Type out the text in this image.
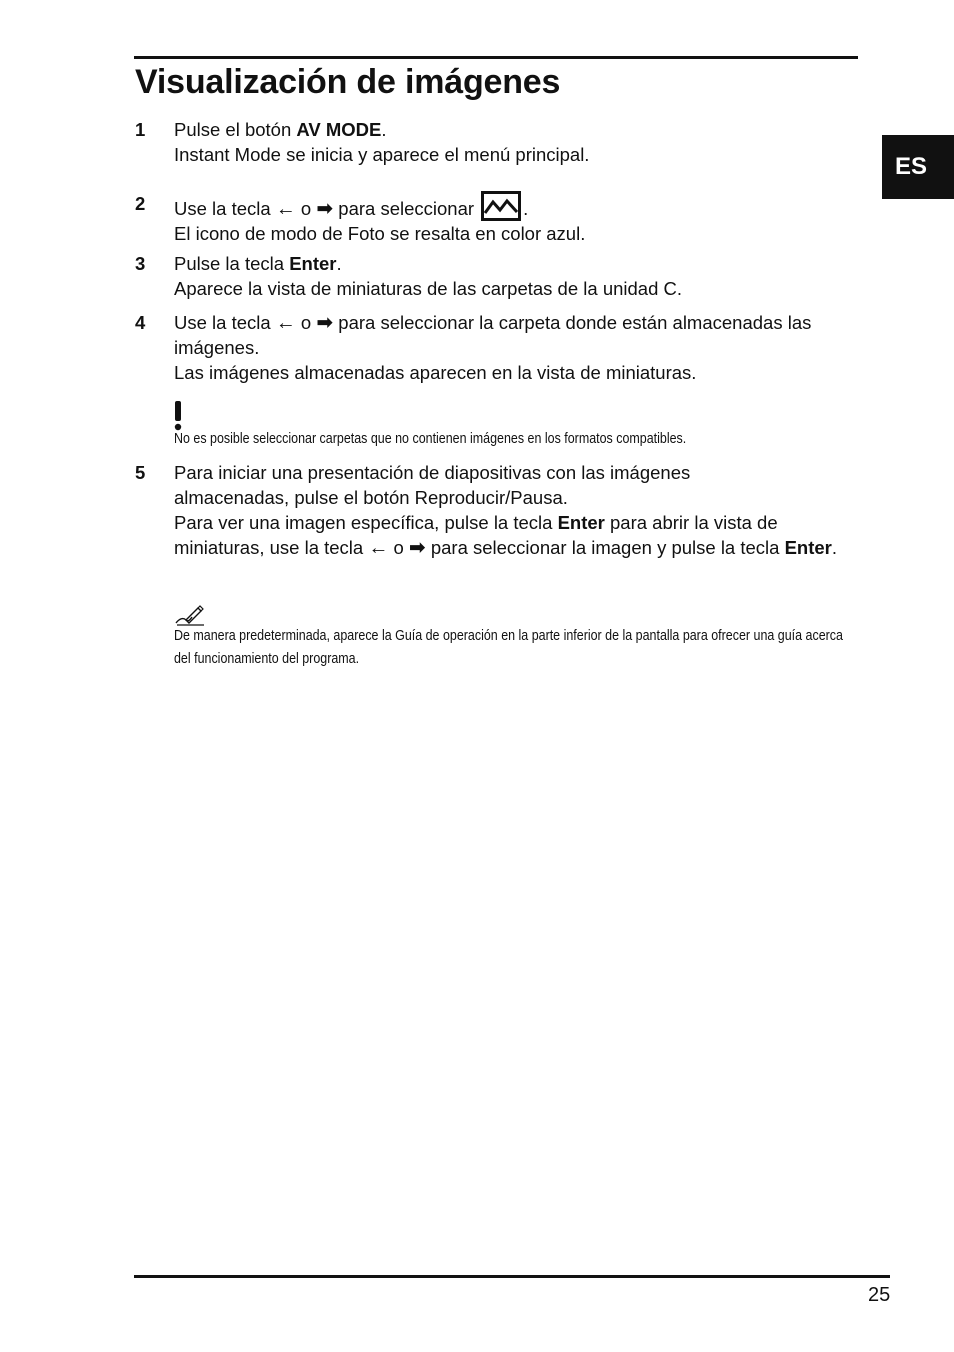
Visualización de imágenes
ES
1 Pulse el botón AV MODE.

Instant Mode se inicia y aparece el menú principal.

2 Use la tecla ← o ➡ para seleccionar .

El icono de modo de Foto se resalta en color azul.

3 Pulse la tecla Enter.

Aparece la vista de miniaturas de las carpetas de la unidad C.

4 Use la tecla ← o ➡ para seleccionar la carpeta donde están almacenadas las imágenes.

Las imágenes almacenadas aparecen en la vista de miniaturas.

No es posible seleccionar carpetas que no contienen imágenes en los formatos compatibles.

5 Para iniciar una presentación de diapositivas con las imágenes almacenadas, pulse el botón Reproducir/Pausa.

Para ver una imagen específica, pulse la tecla Enter para abrir la vista de miniaturas, use la tecla ← o ➡ para seleccionar la imagen y pulse la tecla Enter.

De manera predeterminada, aparece la Guía de operación en la parte inferior de la pantalla para ofrecer una guía acerca del funcionamiento del programa.

25
